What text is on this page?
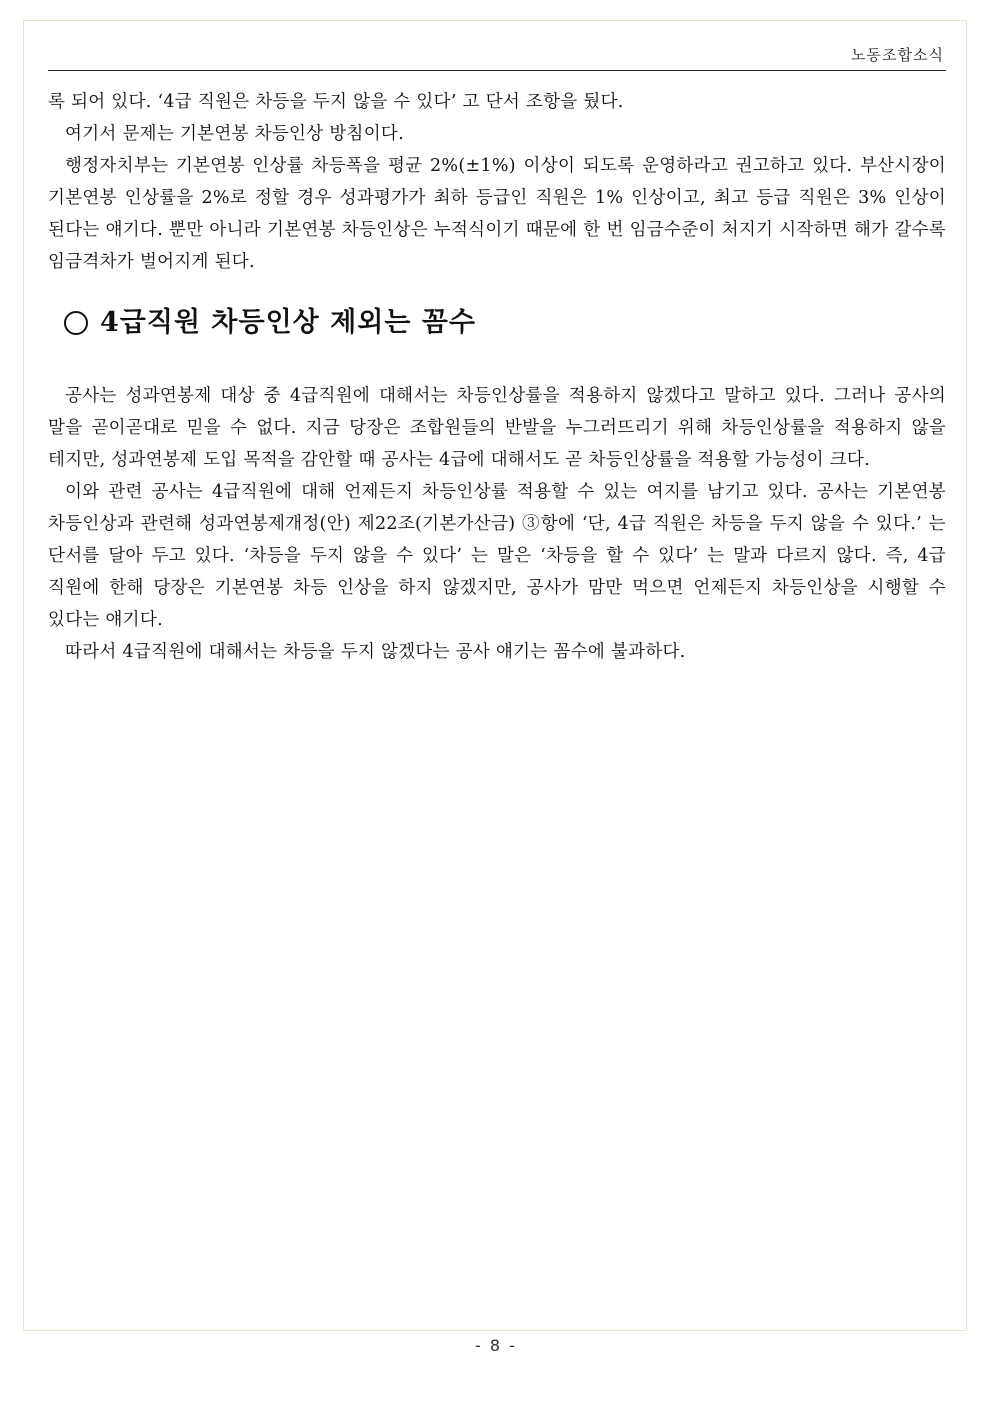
노동조합소식

록 되어 있다. ‘4급 직원은 차등을 두지 않을 수 있다’ 고 단서 조항을 뒀다.

여기서 문제는 기본연봉 차등인상 방침이다.

행정자치부는 기본연봉 인상률 차등폭을 평균 2%(±1%) 이상이 되도록 운영하라고 권고하고 있다. 부산시장이 기본연봉 인상률을 2%로 정할 경우 성과평가가 최하 등급인 직원은 1% 인상이고, 최고 등급 직원은 3% 인상이 된다는 얘기다. 뿐만 아니라 기본연봉 차등인상은 누적식이기 때문에 한 번 임금수준이 처지기 시작하면 해가 갈수록 임금격차가 벌어지게 된다.

4급직원 차등인상 제외는 꼼수

공사는 성과연봉제 대상 중 4급직원에 대해서는 차등인상률을 적용하지 않겠다고 말하고 있다. 그러나 공사의 말을 곧이곧대로 믿을 수 없다. 지금 당장은 조합원들의 반발을 누그러뜨리기 위해 차등인상률을 적용하지 않을 테지만, 성과연봉제 도입 목적을 감안할 때 공사는 4급에 대해서도 곧 차등인상률을 적용할 가능성이 크다.

이와 관련 공사는 4급직원에 대해 언제든지 차등인상률 적용할 수 있는 여지를 남기고 있다. 공사는 기본연봉 차등인상과 관련해 성과연봉제개정(안) 제22조(기본가산금) ③항에 ‘단, 4급 직원은 차등을 두지 않을 수 있다.’ 는 단서를 달아 두고 있다. ‘차등을 두지 않을 수 있다’ 는 말은 ‘차등을 할 수 있다’ 는 말과 다르지 않다. 즉, 4급 직원에 한해 당장은 기본연봉 차등 인상을 하지 않겠지만, 공사가 맘만 먹으면 언제든지 차등인상을 시행할 수 있다는 얘기다.

따라서 4급직원에 대해서는 차등을 두지 않겠다는 공사 얘기는 꼼수에 불과하다.

- 8 -
